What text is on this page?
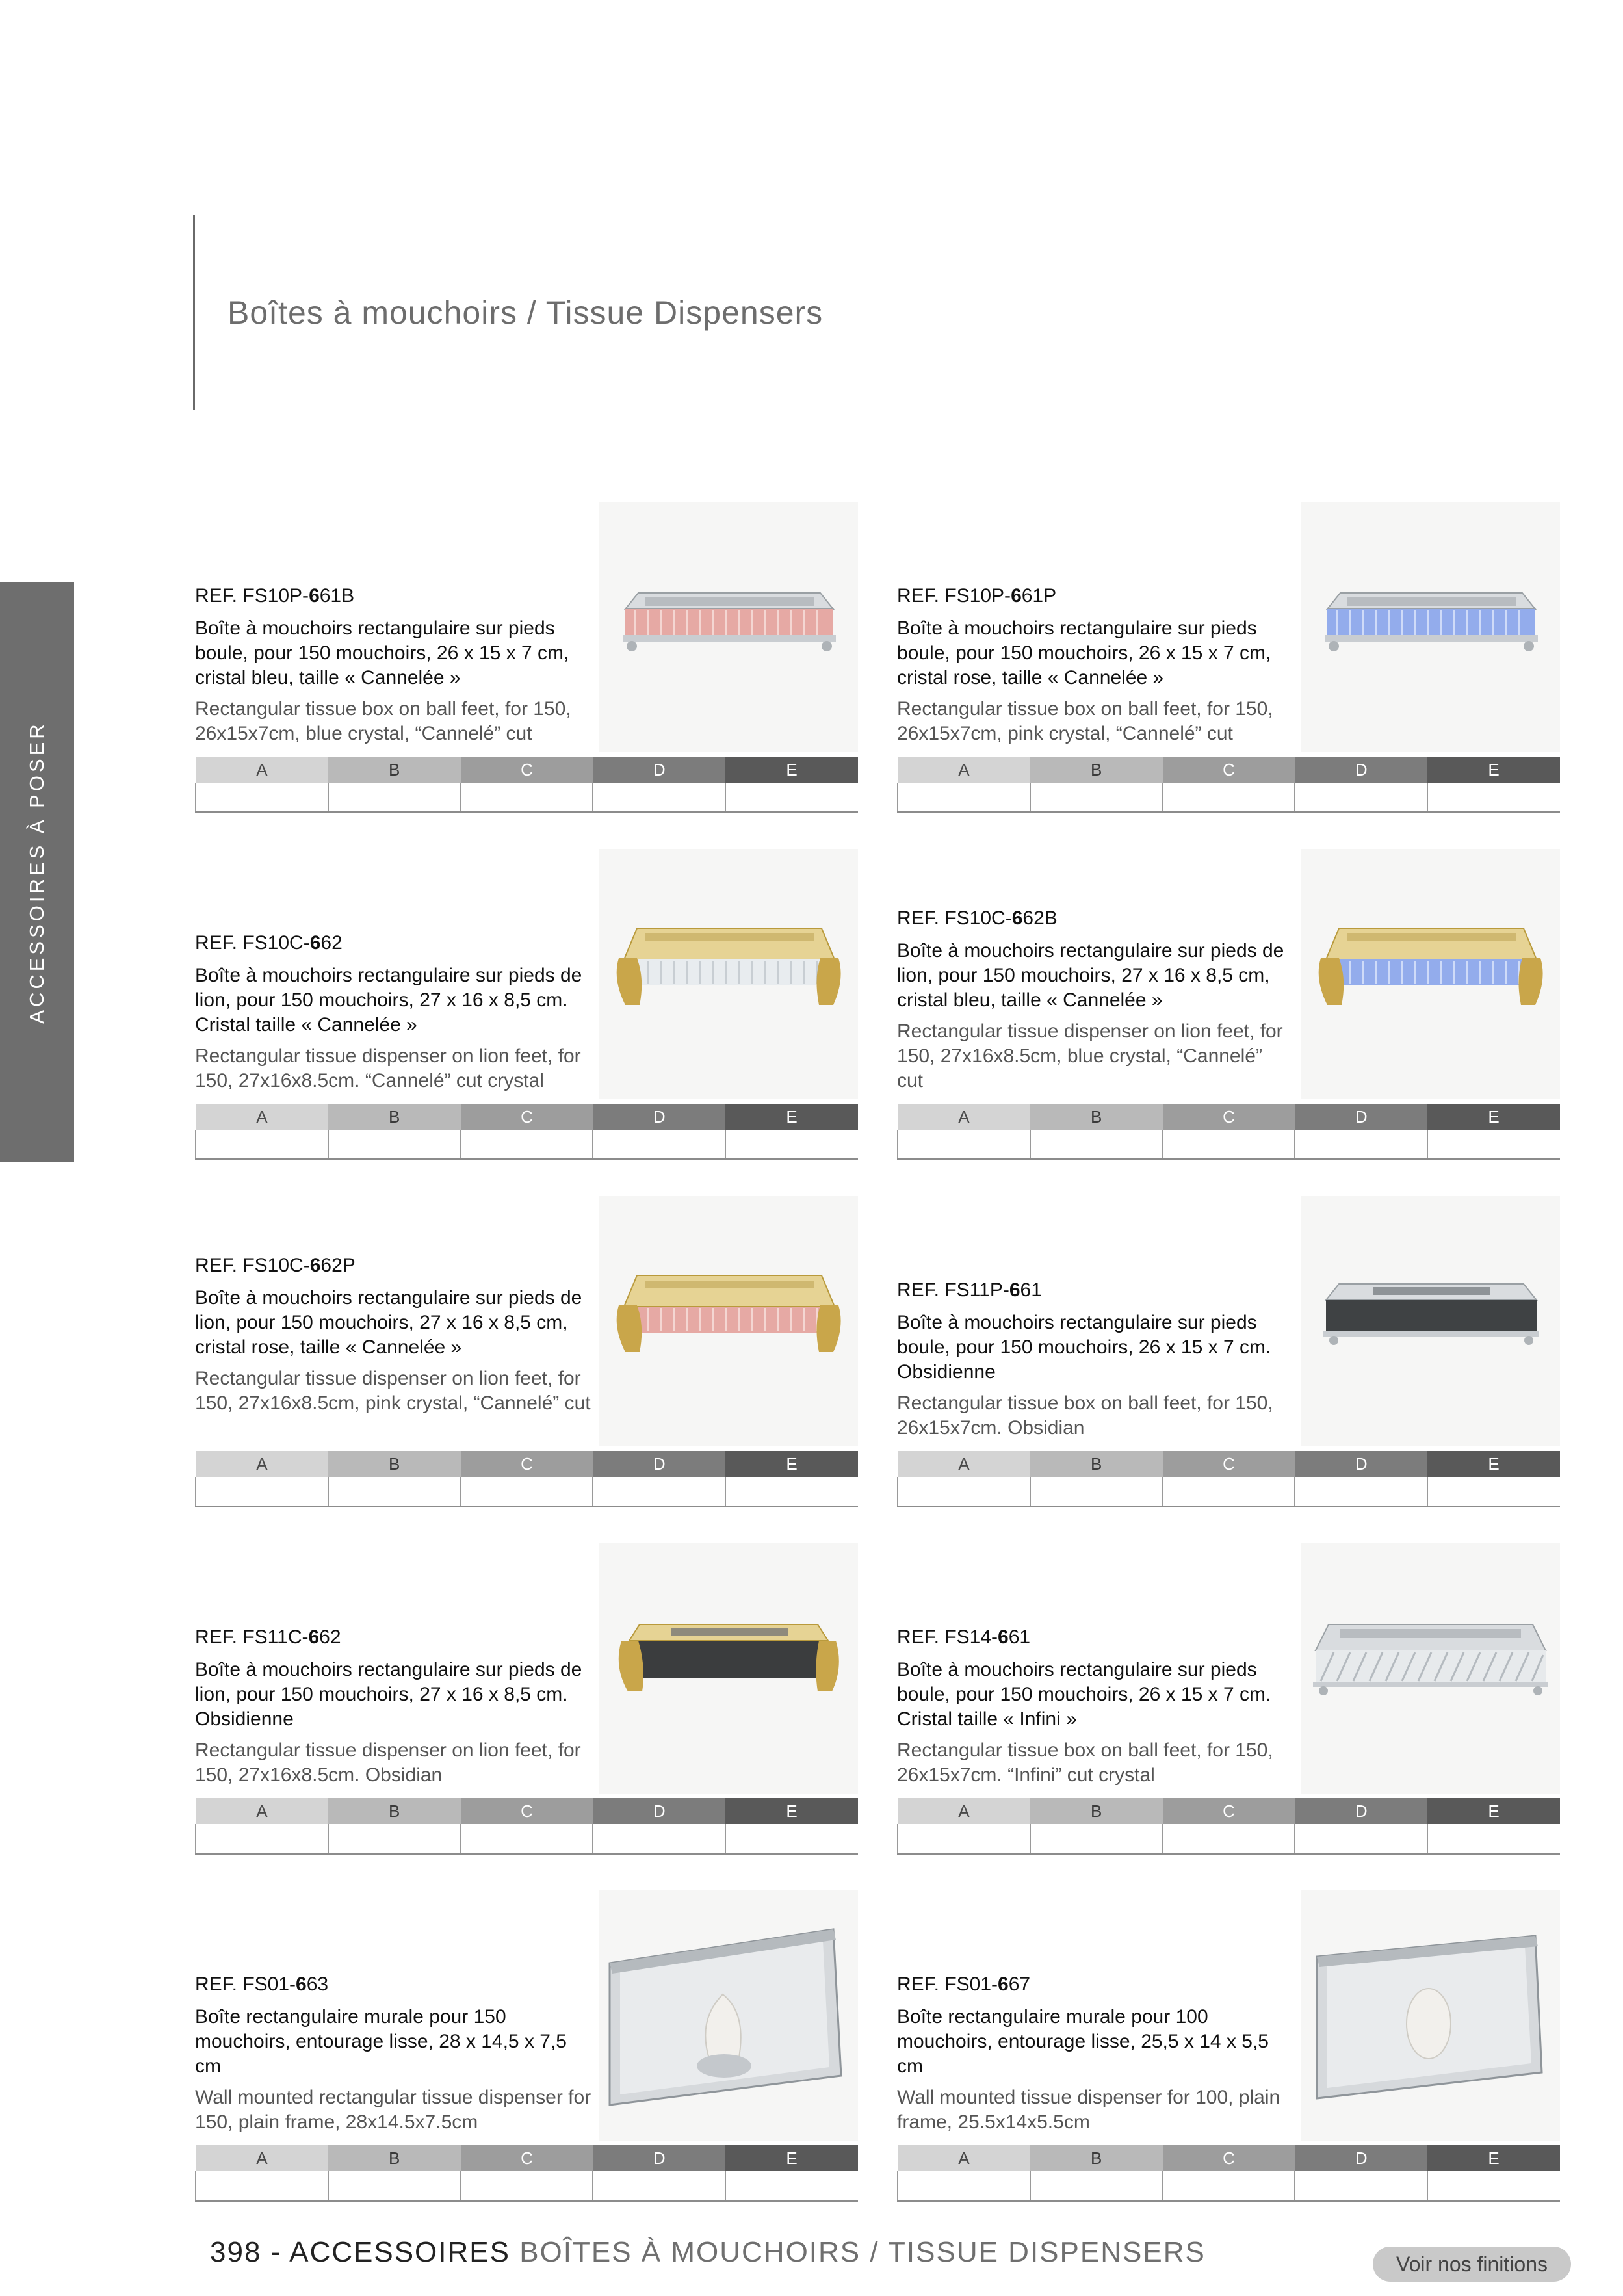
Boîtes à mouchoirs / Tissue Dispensers
ACCESSOIRES À POSER
REF. FS10P-661B
Boîte à mouchoirs rectangulaire sur pieds boule, pour 150 mouchoirs, 26 x 15 x 7 cm, cristal bleu, taille « Cannelée »
Rectangular tissue box on ball feet, for 150, 26x15x7cm, blue crystal, “Cannelé” cut
A	B	C	D	E

REF. FS10P-661P
Boîte à mouchoirs rectangulaire sur pieds boule, pour 150 mouchoirs, 26 x 15 x 7 cm, cristal rose, taille « Cannelée »
Rectangular tissue box on ball feet, for 150, 26x15x7cm, pink crystal, “Cannelé” cut
A	B	C	D	E

REF. FS10C-662
Boîte à mouchoirs rectangulaire sur pieds de lion, pour 150 mouchoirs, 27 x 16 x 8,5 cm. Cristal taille « Cannelée »
Rectangular tissue dispenser on lion feet, for 150, 27x16x8.5cm. “Cannelé” cut crystal
A	B	C	D	E

REF. FS10C-662B
Boîte à mouchoirs rectangulaire sur pieds de lion, pour 150 mouchoirs, 27 x 16 x 8,5 cm, cristal bleu, taille « Cannelée »
Rectangular tissue dispenser on lion feet, for 150, 27x16x8.5cm, blue crystal, “Cannelé” cut
A	B	C	D	E

REF. FS10C-662P
Boîte à mouchoirs rectangulaire sur pieds de lion, pour 150 mouchoirs, 27 x 16 x 8,5 cm, cristal rose, taille « Cannelée »
Rectangular tissue dispenser on lion feet, for 150, 27x16x8.5cm, pink crystal, “Cannelé” cut
A	B	C	D	E

REF. FS11P-661
Boîte à mouchoirs rectangulaire sur pieds boule, pour 150 mouchoirs, 26 x 15 x 7 cm. Obsidienne
Rectangular tissue box on ball feet, for 150, 26x15x7cm. Obsidian
A	B	C	D	E

REF. FS11C-662
Boîte à mouchoirs rectangulaire sur pieds de lion, pour 150 mouchoirs, 27 x 16 x 8,5 cm. Obsidienne
Rectangular tissue dispenser on lion feet, for 150, 27x16x8.5cm. Obsidian
A	B	C	D	E

REF. FS14-661
Boîte à mouchoirs rectangulaire sur pieds boule, pour 150 mouchoirs, 26 x 15 x 7 cm. Cristal taille « Infini »
Rectangular tissue box on ball feet, for 150, 26x15x7cm. “Infini” cut crystal
A	B	C	D	E

REF. FS01-663
Boîte rectangulaire murale pour 150 mouchoirs, entourage lisse, 28 x 14,5 x 7,5 cm
Wall mounted rectangular tissue dispenser for 150, plain frame, 28x14.5x7.5cm
A	B	C	D	E

REF. FS01-667
Boîte rectangulaire murale pour 100 mouchoirs, entourage lisse, 25,5 x 14 x 5,5 cm
Wall mounted tissue dispenser for 100, plain frame, 25.5x14x5.5cm
A	B	C	D	E

398 - ACCESSOIRES BOÎTES À MOUCHOIRS / TISSUE DISPENSERS	Voir nos finitions
